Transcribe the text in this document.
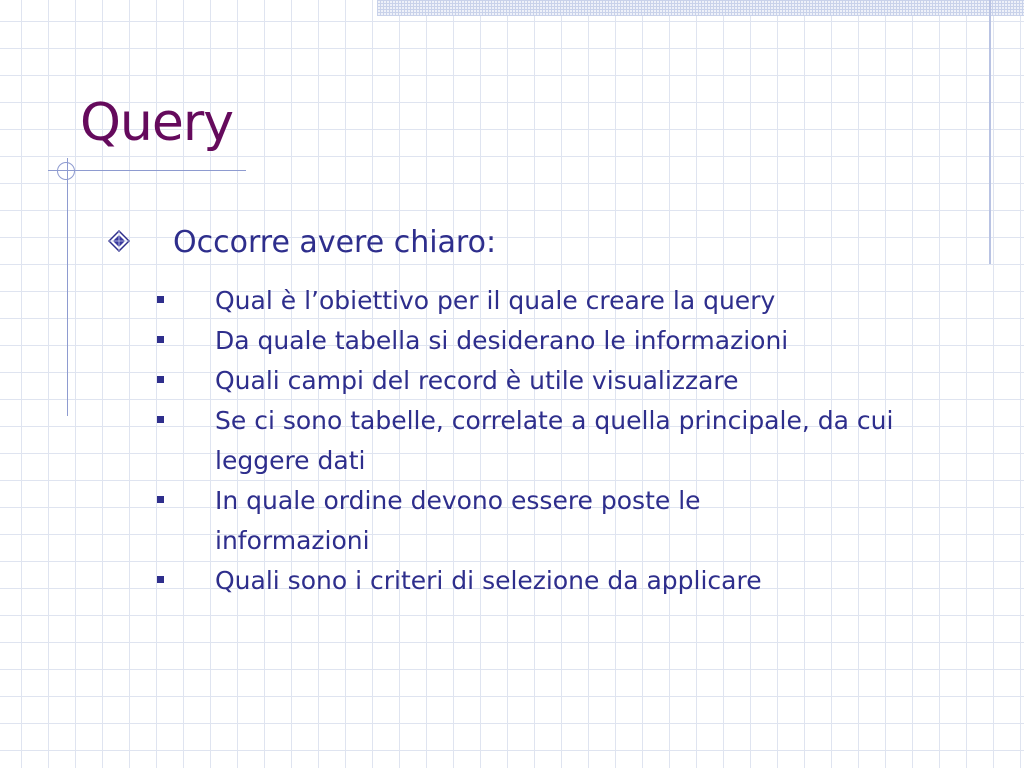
Query
Occorre avere chiaro:
Qual è l’obiettivo per il quale creare la query
Da quale tabella si desiderano le informazioni
Quali campi del record è utile visualizzare
Se ci sono tabelle, correlate a quella principale, da cui leggere dati
In quale ordine devono essere poste le informazioni
Quali sono i criteri di selezione da applicare
